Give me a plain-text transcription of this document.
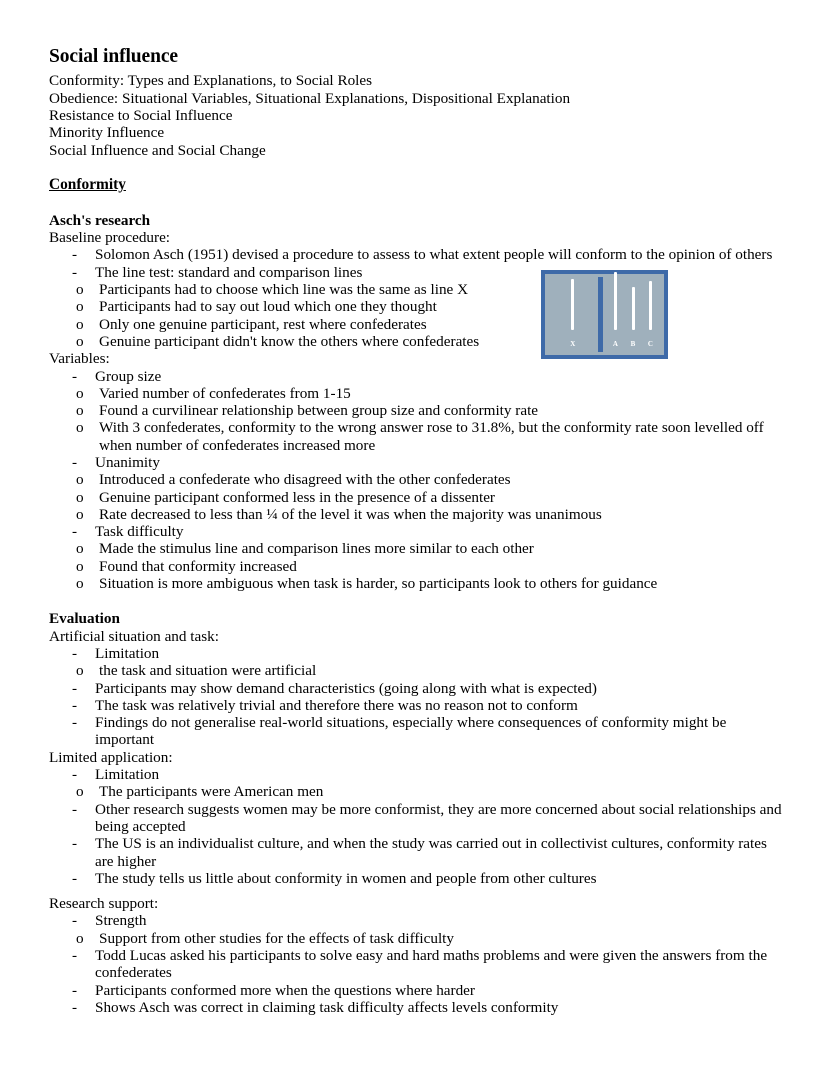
Social influence

Conformity: Types and Explanations, to Social Roles

Obedience: Situational Variables, Situational Explanations, Dispositional Explanation

Resistance to Social Influence

Minority Influence

Social Influence and Social Change

Conformity
Asch's research

Baseline procedure:

-	Solomon Asch (1951) devised a procedure to assess to what extent people will conform to the opinion of others
-	The line test: standard and comparison lines
o Participants had to choose which line was the same as line X
o Participants had to say out loud which one they thought
o Only one genuine participant, rest where confederates
o Genuine participant didn't know the others where confederates

Variables:

-	Group size
o Varied number of confederates from 1-15
o Found a curvilinear relationship between group size and conformity rate
o With 3 confederates, conformity to the wrong answer rose to 31.8%, but the conformity rate soon levelled off when number of confederates increased more
-	Unanimity
o Introduced a confederate who disagreed with the other confederates
o Genuine participant conformed less in the presence of a dissenter
o Rate decreased to less than ¼ of the level it was when the majority was unanimous
-	Task difficulty
o Made the stimulus line and comparison lines more similar to each other
o Found that conformity increased
o Situation is more ambiguous when task is harder, so participants look to others for guidance
Evaluation

Artificial situation and task:

-	Limitation
o the task and situation were artificial
-	Participants may show demand characteristics (going along with what is expected)
-	The task was relatively trivial and therefore there was no reason not to conform
-	Findings do not generalise real-world situations, especially where consequences of conformity might be important

Limited application:

-	Limitation
o The participants were American men
-	Other research suggests women may be more conformist, they are more concerned about social relationships and being accepted
-	The US is an individualist culture, and when the study was carried out in collectivist cultures, conformity rates are higher
-	The study tells us little about conformity in women and people from other cultures

Research support:

-	Strength
o Support from other studies for the effects of task difficulty
-	Todd Lucas asked his participants to solve easy and hard maths problems and were given the answers from the confederates
-	Participants conformed more when the questions where harder
-	Shows Asch was correct in claiming task difficulty affects levels conformity
X	A B C
